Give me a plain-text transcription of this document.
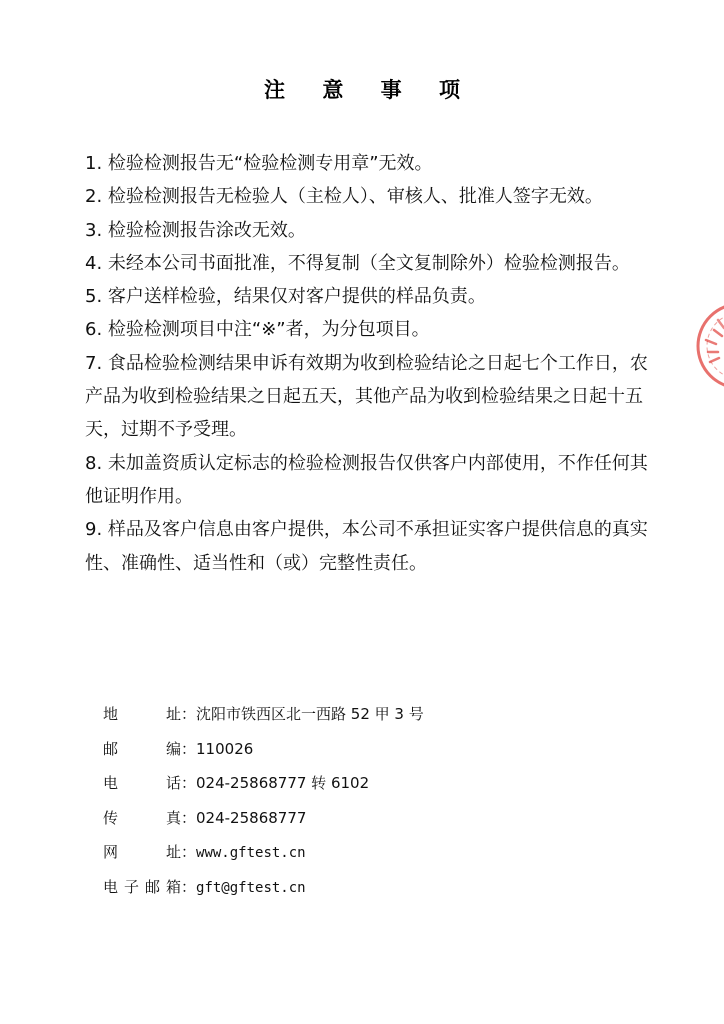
注 意 事 项
1. 检验检测报告无“检验检测专用章”无效。
2. 检验检测报告无检验人（主检人）、审核人、批准人签字无效。
3. 检验检测报告涂改无效。
4. 未经本公司书面批准，不得复制（全文复制除外）检验检测报告。
5. 客户送样检验，结果仅对客户提供的样品负责。
6. 检验检测项目中注“※”者，为分包项目。
7. 食品检验检测结果申诉有效期为收到检验结论之日起七个工作日，农产品为收到检验结果之日起五天，其他产品为收到检验结果之日起十五天，过期不予受理。
8. 未加盖资质认定标志的检验检测报告仅供客户内部使用，不作任何其他证明作用。
9. 样品及客户信息由客户提供，本公司不承担证实客户提供信息的真实性、准确性、适当性和（或）完整性责任。
地址：沈阳市铁西区北一西路 52 甲 3 号
邮编：110026
电话：024-25868777 转 6102
传真：024-25868777
网址：www.gftest.cn
电子邮箱：gft@gftest.cn
